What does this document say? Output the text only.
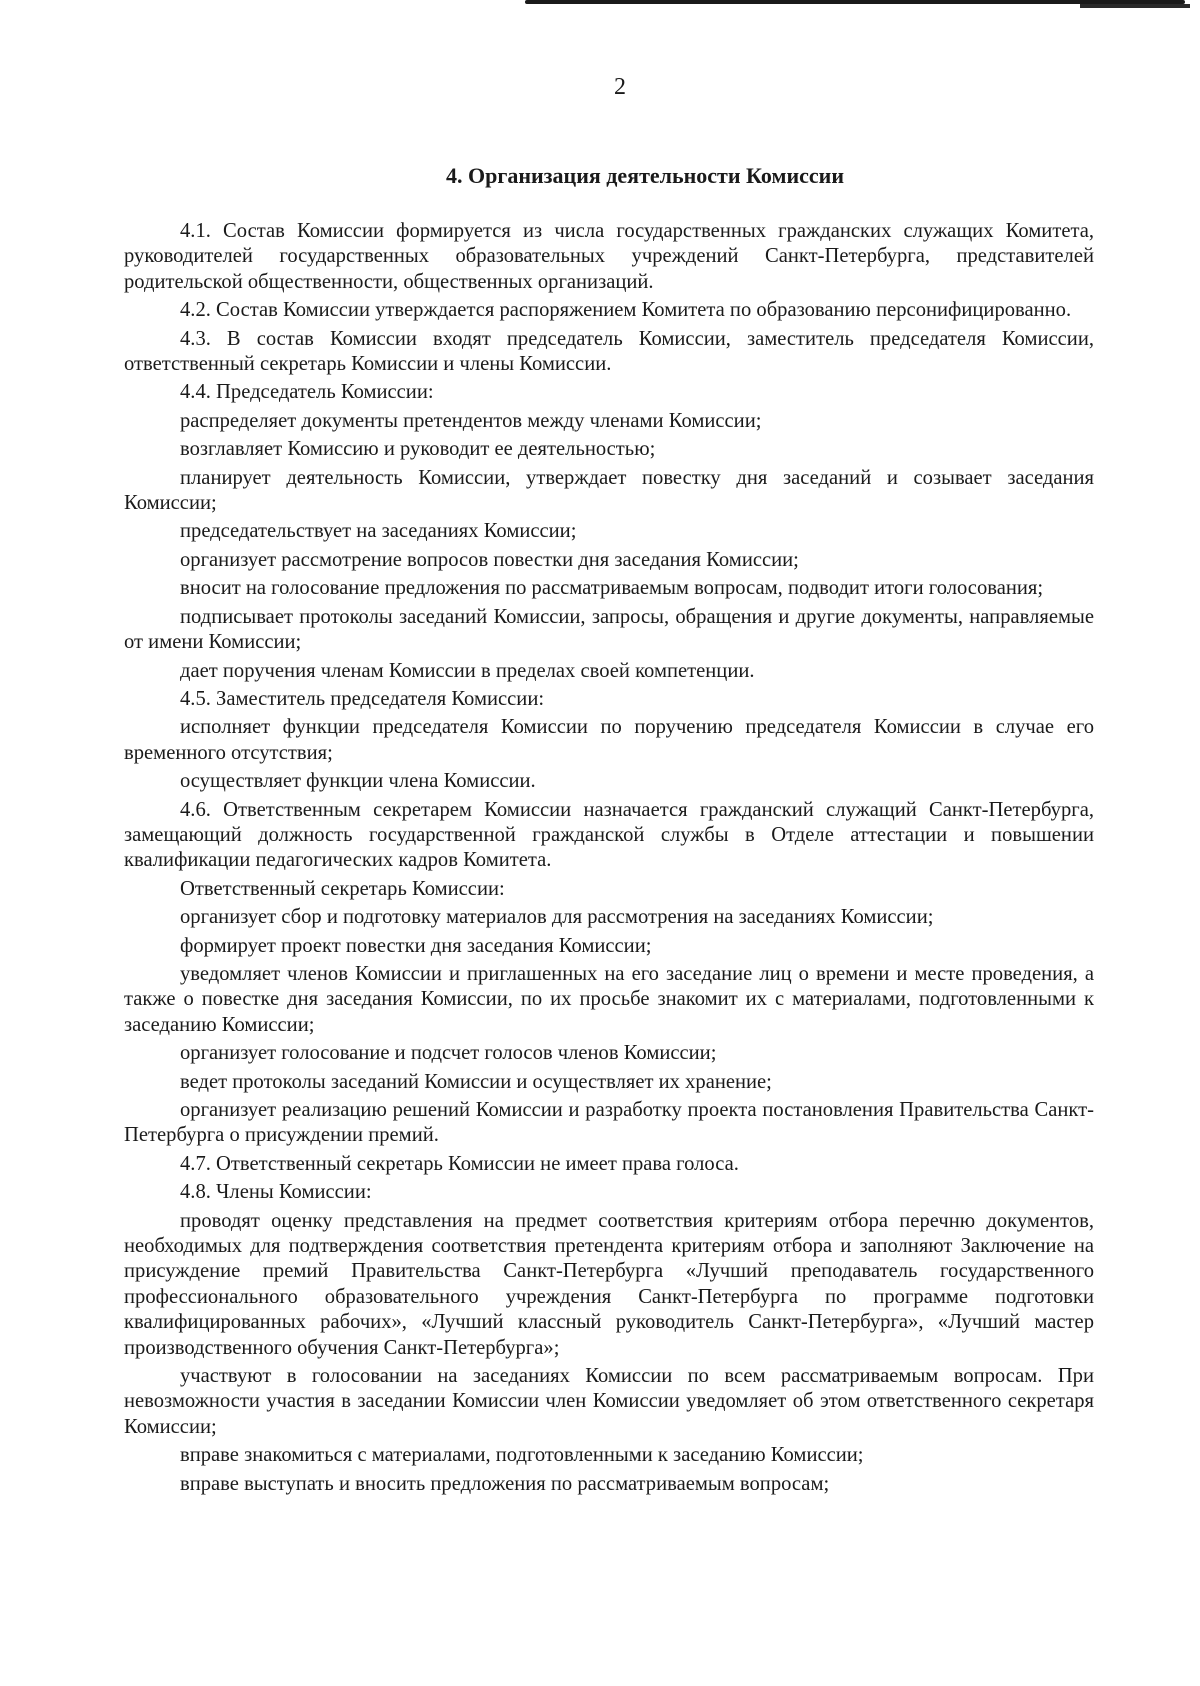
2
4. Организация деятельности Комиссии

4.1. Состав Комиссии формируется из числа государственных гражданских служащих Комитета, руководителей государственных образовательных учреждений Санкт-Петербурга, представителей родительской общественности, общественных организаций.

4.2. Состав Комиссии утверждается распоряжением Комитета по образованию персонифицированно.

4.3. В состав Комиссии входят председатель Комиссии, заместитель председателя Комиссии, ответственный секретарь Комиссии и члены Комиссии.

4.4. Председатель Комиссии:

распределяет документы претендентов между членами Комиссии;

возглавляет Комиссию и руководит ее деятельностью;

планирует деятельность Комиссии, утверждает повестку дня заседаний и созывает заседания Комиссии;

председательствует на заседаниях Комиссии;

организует рассмотрение вопросов повестки дня заседания Комиссии;

вносит на голосование предложения по рассматриваемым вопросам, подводит итоги голосования;

подписывает протоколы заседаний Комиссии, запросы, обращения и другие документы, направляемые от имени Комиссии;

дает поручения членам Комиссии в пределах своей компетенции.

4.5. Заместитель председателя Комиссии:

исполняет функции председателя Комиссии по поручению председателя Комиссии в случае его временного отсутствия;

осуществляет функции члена Комиссии.

4.6. Ответственным секретарем Комиссии назначается гражданский служащий Санкт-Петербурга, замещающий должность государственной гражданской службы в Отделе аттестации и повышении квалификации педагогических кадров Комитета.

Ответственный секретарь Комиссии:

организует сбор и подготовку материалов для рассмотрения на заседаниях Комиссии;

формирует проект повестки дня заседания Комиссии;

уведомляет членов Комиссии и приглашенных на его заседание лиц о времени и месте проведения, а также о повестке дня заседания Комиссии, по их просьбе знакомит их с материалами, подготовленными к заседанию Комиссии;

организует голосование и подсчет голосов членов Комиссии;

ведет протоколы заседаний Комиссии и осуществляет их хранение;

организует реализацию решений Комиссии и разработку проекта постановления Правительства Санкт-Петербурга о присуждении премий.

4.7. Ответственный секретарь Комиссии не имеет права голоса.

4.8. Члены Комиссии:

проводят оценку представления на предмет соответствия критериям отбора перечню документов, необходимых для подтверждения соответствия претендента критериям отбора и заполняют Заключение на присуждение премий Правительства Санкт-Петербурга «Лучший преподаватель государственного профессионального образовательного учреждения Санкт-Петербурга по программе подготовки квалифицированных рабочих», «Лучший классный руководитель Санкт-Петербурга», «Лучший мастер производственного обучения Санкт-Петербурга»;

участвуют в голосовании на заседаниях Комиссии по всем рассматриваемым вопросам. При невозможности участия в заседании Комиссии член Комиссии уведомляет об этом ответственного секретаря Комиссии;

вправе знакомиться с материалами, подготовленными к заседанию Комиссии;

вправе выступать и вносить предложения по рассматриваемым вопросам;
